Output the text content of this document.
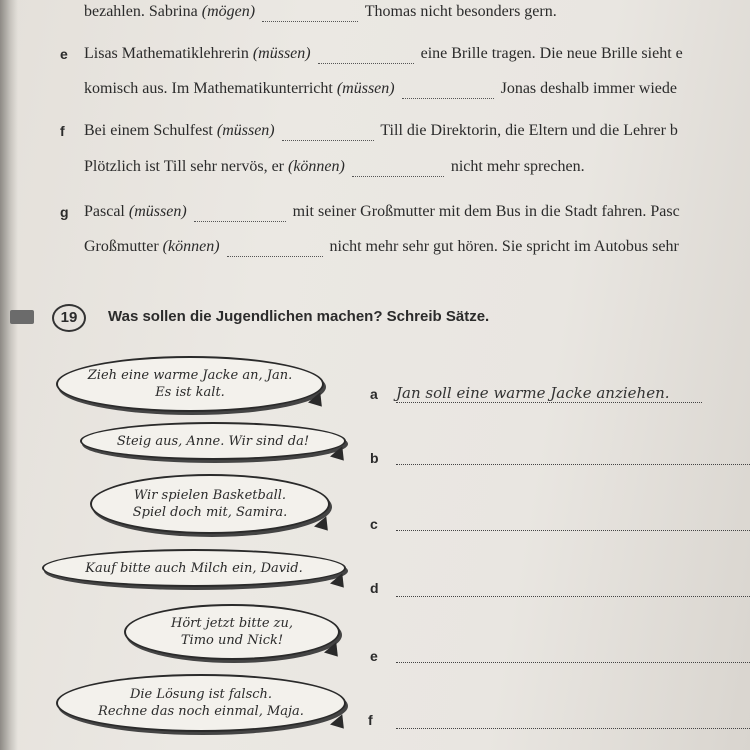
bezahlen. Sabrina (mögen)	Thomas nicht besonders gern.
e Lisas Mathematiklehrerin (müssen)	eine Brille tragen. Die neue Brille sieht e
komisch aus. Im Mathematikunterricht (müssen)	Jonas deshalb immer wiede
f Bei einem Schulfest (müssen)	Till die Direktorin, die Eltern und die Lehrer b
Plötzlich ist Till sehr nervös, er (können)	nicht mehr sprechen.
g Pascal (müssen)	mit seiner Großmutter mit dem Bus in die Stadt fahren. Pasc
Großmutter (können)	nicht mehr sehr gut hören. Sie spricht im Autobus sehr
19	Was sollen die Jugendlichen machen? Schreib Sätze.
Zieh eine warme Jacke an, Jan.
Es ist kalt.
Steig aus, Anne. Wir sind da!
Wir spielen Basketball.
Spiel doch mit, Samira.
Kauf bitte auch Milch ein, David.
Hört jetzt bitte zu,
Timo und Nick!
Die Lösung ist falsch.
Rechne das noch einmal, Maja.
a Jan soll eine warme Jacke anziehen.
b
c
d
e
f
